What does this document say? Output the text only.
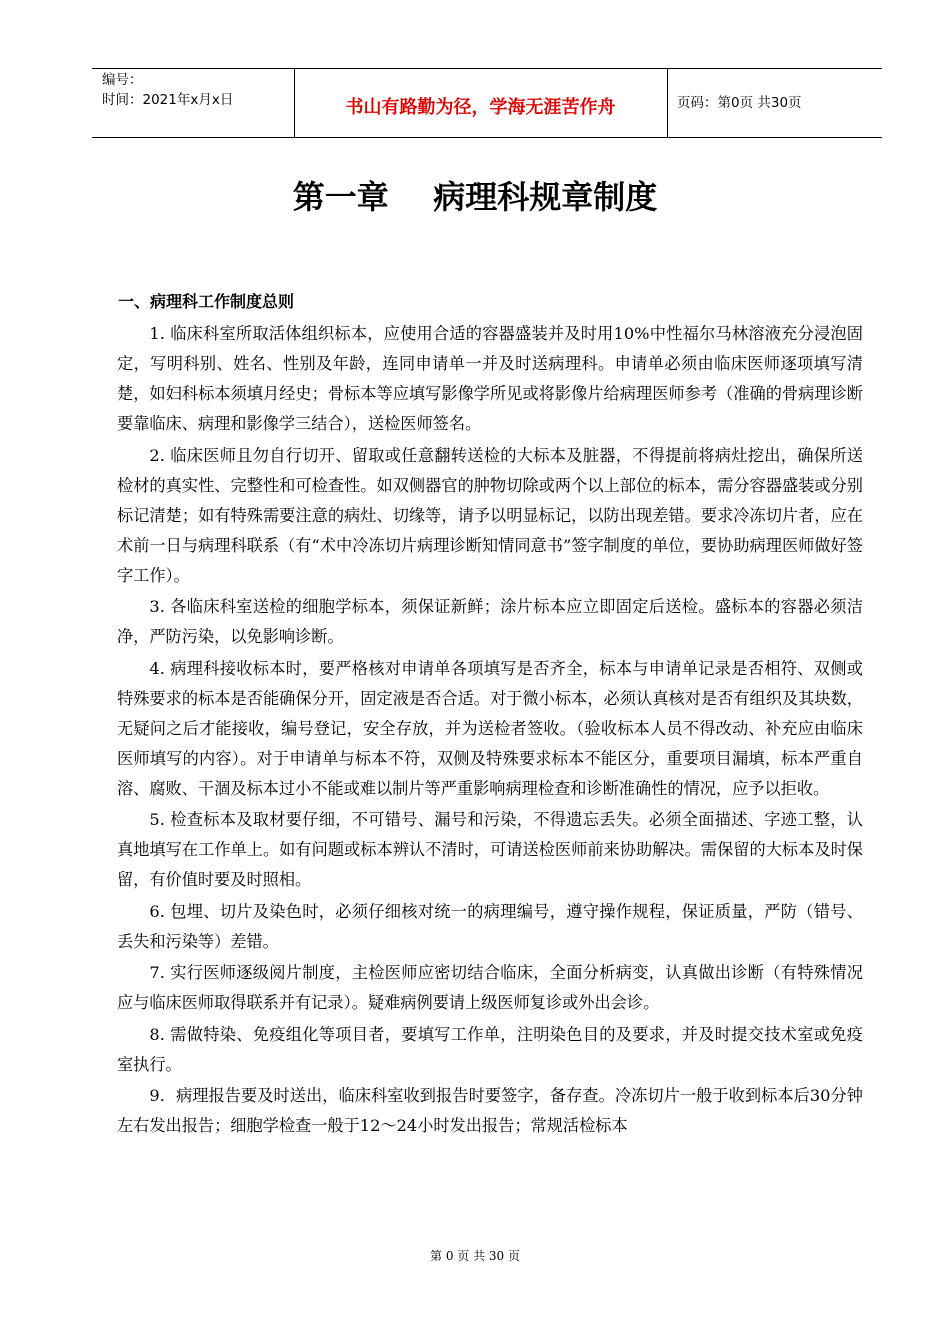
编号：
时间：2021年x月x日	书山有路勤为径，学海无涯苦作舟	页码：第0页 共30页
第一章    病理科规章制度
一、病理科工作制度总则

1. 临床科室所取活体组织标本，应使用合适的容器盛装并及时用10%中性福尔马林溶液充分浸泡固定，写明科别、姓名、性别及年龄，连同申请单一并及时送病理科。申请单必须由临床医师逐项填写清楚，如妇科标本须填月经史；骨标本等应填写影像学所见或将影像片给病理医师参考（准确的骨病理诊断要靠临床、病理和影像学三结合），送检医师签名。

2. 临床医师且勿自行切开、留取或任意翻转送检的大标本及脏器，不得提前将病灶挖出，确保所送检材的真实性、完整性和可检查性。如双侧器官的肿物切除或两个以上部位的标本，需分容器盛装或分别标记清楚；如有特殊需要注意的病灶、切缘等，请予以明显标记，以防出现差错。要求冷冻切片者，应在术前一日与病理科联系（有“术中冷冻切片病理诊断知情同意书”签字制度的单位，要协助病理医师做好签字工作）。

3. 各临床科室送检的细胞学标本，须保证新鲜；涂片标本应立即固定后送检。盛标本的容器必须洁净，严防污染，以免影响诊断。

4. 病理科接收标本时，要严格核对申请单各项填写是否齐全，标本与申请单记录是否相符、双侧或特殊要求的标本是否能确保分开，固定液是否合适。对于微小标本，必须认真核对是否有组织及其块数，无疑问之后才能接收，编号登记，安全存放，并为送检者签收。（验收标本人员不得改动、补充应由临床医师填写的内容）。对于申请单与标本不符，双侧及特殊要求标本不能区分，重要项目漏填，标本严重自溶、腐败、干涸及标本过小不能或难以制片等严重影响病理检查和诊断准确性的情况，应予以拒收。

5. 检查标本及取材要仔细，不可错号、漏号和污染，不得遗忘丢失。必须全面描述、字迹工整，认真地填写在工作单上。如有问题或标本辨认不清时，可请送检医师前来协助解决。需保留的大标本及时保留，有价值时要及时照相。

6. 包埋、切片及染色时，必须仔细核对统一的病理编号，遵守操作规程，保证质量，严防（错号、丢失和污染等）差错。

7. 实行医师逐级阅片制度，主检医师应密切结合临床，全面分析病变，认真做出诊断（有特殊情况应与临床医师取得联系并有记录）。疑难病例要请上级医师复诊或外出会诊。

8. 需做特染、免疫组化等项目者，要填写工作单，注明染色目的及要求，并及时提交技术室或免疫室执行。

9．病理报告要及时送出，临床科室收到报告时要签字，备存查。冷冻切片一般于收到标本后30分钟左右发出报告；细胞学检查一般于12～24小时发出报告；常规活检标本

第 0 页 共 30 页
